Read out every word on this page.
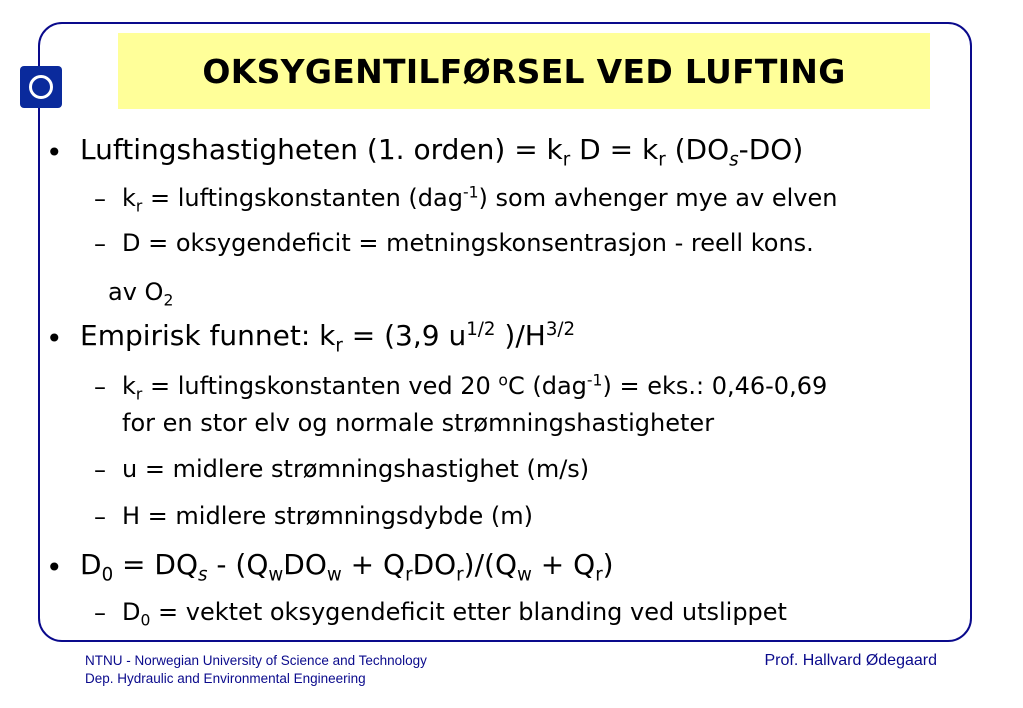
OKSYGENTILFØRSEL VED LUFTING
• Luftingshastigheten (1. orden) = $k_r$ $D = k_r$ $(DO_s-DO)$
– $k_r$ = luftingskonstanten (dag$^{-1}$) som avhenger mye av elven
– D = oksygendeficit = metningskonsentrasjon - reell kons.
av $O_2$
• Empirisk funnet: $k_r = (3,9$ $u^{1/2}$ )$/H^{3/2}$
– $k_r$ = luftingskonstanten ved 20 $^o$C (dag$^{-1}$) = eks.: 0,46-0,69
for en stor elv og normale strømningshastigheter
– u = midlere strømningshastighet (m/s)
– H = midlere strømningsdybde (m)
• $D_0 = DQ_s - (Q_wDO_w + Q_rDO_r)/(Q_w + Q_r)$
– $D_0$ = vektet oksygendeficit etter blanding ved utslippet
NTNU - Norwegian University of Science and Technology
Dep. Hydraulic and Environmental Engineering
Prof. Hallvard Ødegaard
